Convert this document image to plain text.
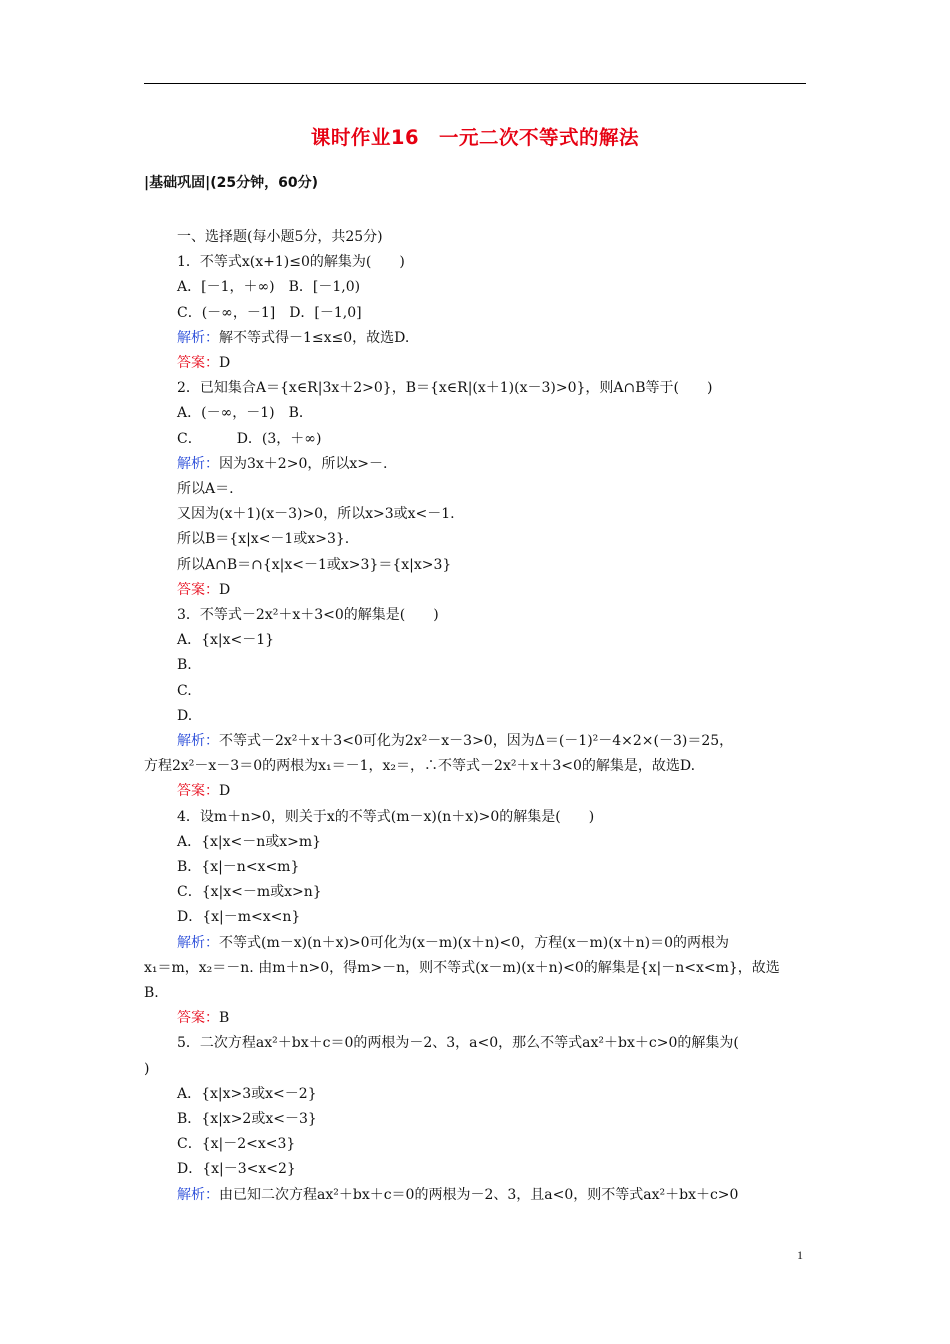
课时作业16　一元二次不等式的解法
|基础巩固|(25分钟，60分)
一、选择题(每小题5分，共25分)
1．不等式x(x+1)≤0的解集为(　　)
A．[－1，＋∞)　B．[－1,0)
C．(－∞，－1]　D．[－1,0]
解析：解不等式得－1≤x≤0，故选D.
答案：D
2．已知集合A＝{x∈R|3x＋2>0}，B＝{x∈R|(x＋1)(x－3)>0}，则A∩B等于(　　)
A．(－∞，－1)　B．
C．　　　D．(3，＋∞)
解析：因为3x＋2>0，所以x>－.
所以A＝.
又因为(x＋1)(x－3)>0，所以x>3或x<－1.
所以B＝{x|x<－1或x>3}.
所以A∩B＝∩{x|x<－1或x>3}＝{x|x>3}
答案：D
3．不等式－2x²＋x＋3<0的解集是(　　)
A．{x|x<－1}
B.
C.
D.
解析：不等式－2x²＋x＋3<0可化为2x²－x－3>0，因为Δ＝(－1)²－4×2×(－3)＝25，
方程2x²－x－3＝0的两根为x₁＝－1，x₂＝，∴不等式－2x²＋x＋3<0的解集是，故选D.
答案：D
4．设m＋n>0，则关于x的不等式(m－x)(n＋x)>0的解集是(　　)
A．{x|x<－n或x>m}
B．{x|－n<x<m}
C．{x|x<－m或x>n}
D．{x|－m<x<n}
解析：不等式(m－x)(n＋x)>0可化为(x－m)(x＋n)<0，方程(x－m)(x＋n)＝0的两根为
x₁＝m，x₂＝－n. 由m＋n>0，得m>－n，则不等式(x－m)(x＋n)<0的解集是{x|－n<x<m}，故选
B.
答案：B
5．二次方程ax²＋bx＋c＝0的两根为－2、3，a<0，那么不等式ax²＋bx＋c>0的解集为(
)
A．{x|x>3或x<－2}
B．{x|x>2或x<－3}
C．{x|－2<x<3}
D．{x|－3<x<2}
解析：由已知二次方程ax²＋bx＋c＝0的两根为－2、3，且a<0，则不等式ax²＋bx＋c>0
1
